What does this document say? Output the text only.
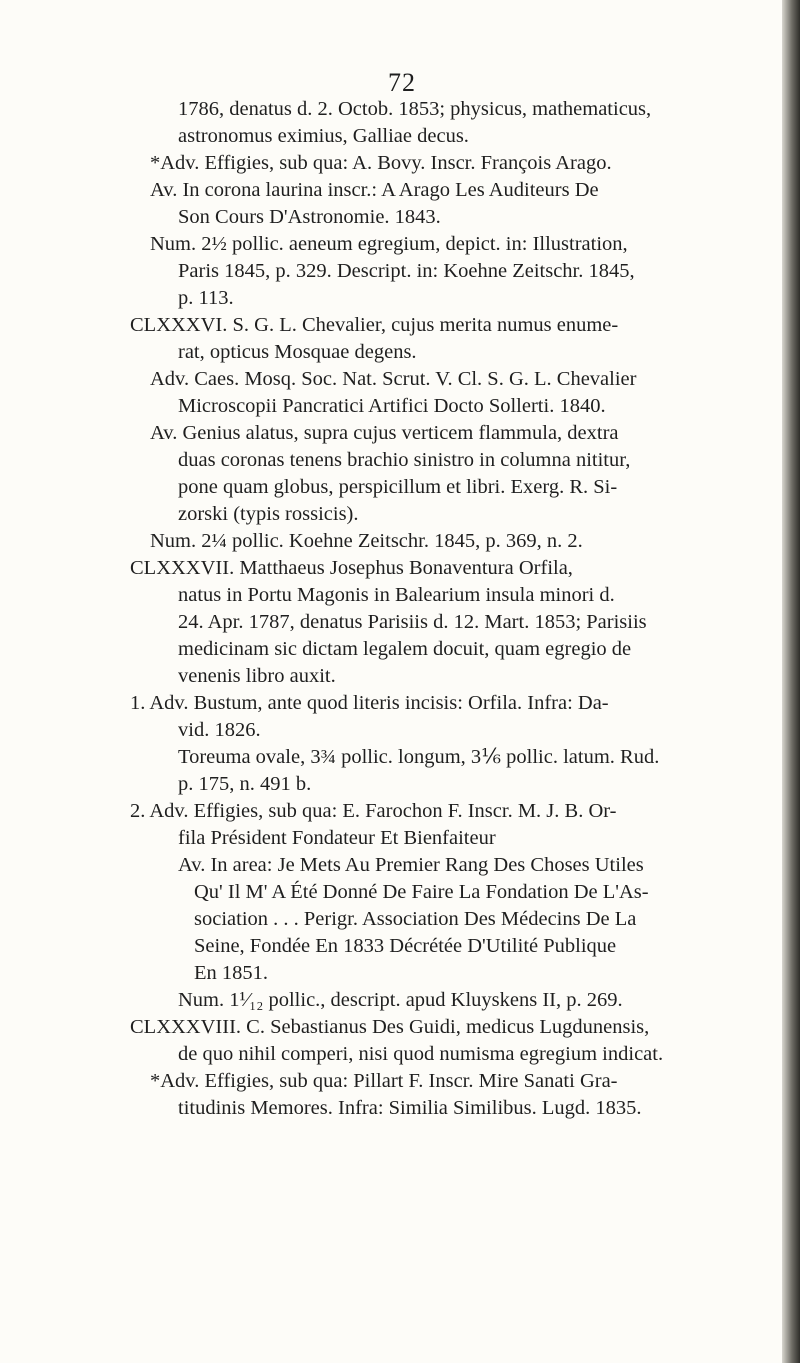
72
1786, denatus d. 2. Octob. 1853; physicus, mathematicus,
astronomus eximius, Galliae decus.
*Adv. Effigies, sub qua: A. Bovy. Inscr. François Arago.
Av. In corona laurina inscr.: A Arago Les Auditeurs De
Son Cours D'Astronomie. 1843.
Num. 2½ pollic. aeneum egregium, depict. in: Illustration,
Paris 1845, p. 329. Descript. in: Koehne Zeitschr. 1845,
p. 113.
CLXXXVI. S. G. L. Chevalier, cujus merita numus enume-
rat, opticus Mosquae degens.
Adv. Caes. Mosq. Soc. Nat. Scrut. V. Cl. S. G. L. Chevalier
Microscopii Pancratici Artifici Docto Sollerti. 1840.
Av. Genius alatus, supra cujus verticem flammula, dextra
duas coronas tenens brachio sinistro in columna nititur,
pone quam globus, perspicillum et libri. Exerg. R. Si-
zorski (typis rossicis).
Num. 2¼ pollic. Koehne Zeitschr. 1845, p. 369, n. 2.
CLXXXVII. Matthaeus Josephus Bonaventura Orfila,
natus in Portu Magonis in Balearium insula minori d.
24. Apr. 1787, denatus Parisiis d. 12. Mart. 1853; Parisiis
medicinam sic dictam legalem docuit, quam egregio de
venenis libro auxit.
1. Adv. Bustum, ante quod literis incisis: Orfila. Infra: Da-
vid. 1826.
Toreuma ovale, 3¾ pollic. longum, 3⅙ pollic. latum. Rud.
p. 175, n. 491 b.
2. Adv. Effigies, sub qua: E. Farochon F. Inscr. M. J. B. Or-
fila Président Fondateur Et Bienfaiteur
Av. In area: Je Mets Au Premier Rang Des Choses Utiles
Qu' Il M' A Été Donné De Faire La Fondation De L'As-
sociation . . . Perigr. Association Des Médecins De La
Seine, Fondée En 1833 Décrétée D'Utilité Publique
En 1851.
Num. 1¹⁄₁₂ pollic., descript. apud Kluyskens II, p. 269.
CLXXXVIII. C. Sebastianus Des Guidi, medicus Lugdunensis,
de quo nihil comperi, nisi quod numisma egregium indicat.
*Adv. Effigies, sub qua: Pillart F. Inscr. Mire Sanati Gra-
titudinis Memores. Infra: Similia Similibus. Lugd. 1835.
